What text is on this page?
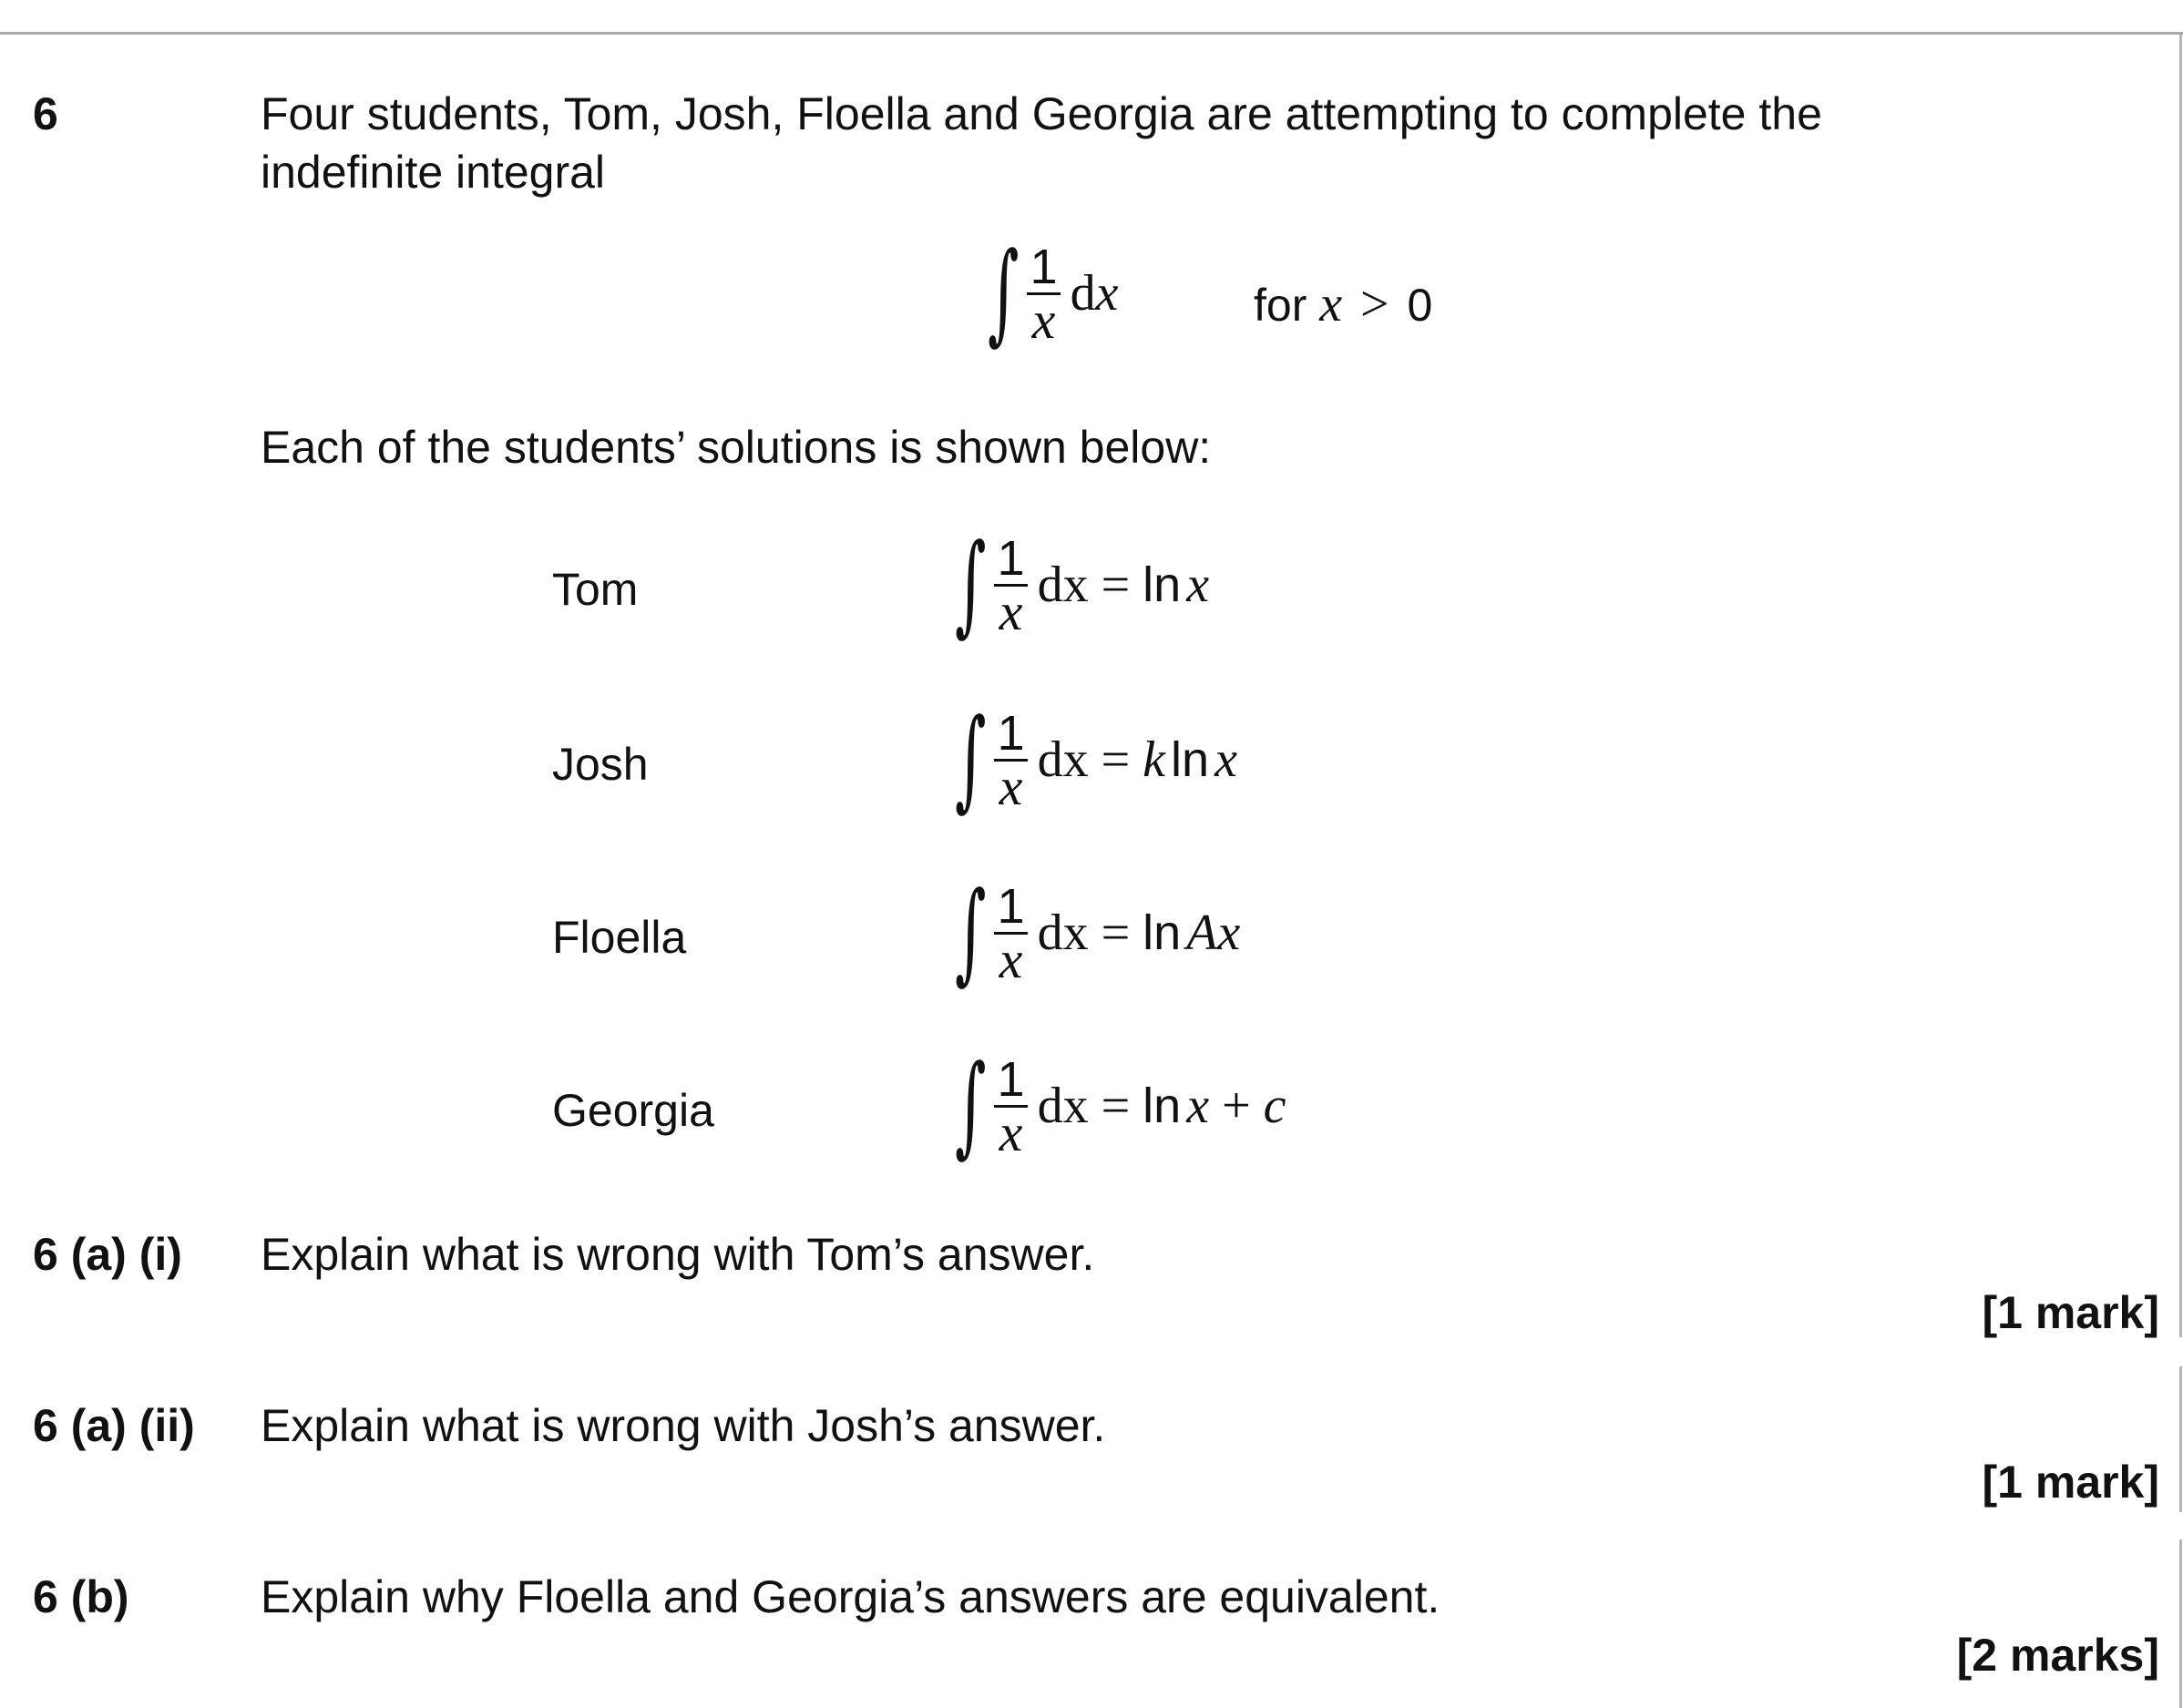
6	Four students, Tom, Josh, Floella and Georgia are attempting to complete the
indefinite integral
∫ $\frac{1}{x}$ d x	for x > 0
Each of the students’ solutions is shown below:
Tom	∫ $\frac{1}{x}$ dx = ln x
Josh	∫ $\frac{1}{x}$ dx = k ln x
Floella ∫ $\frac{1}{x}$ dx = ln Ax
Georgia ∫ $\frac{1}{x}$ dx = ln x + c
6 (a) (i) Explain what is wrong with Tom’s answer.
[1 mark]
6 (a) (ii) Explain what is wrong with Josh’s answer.
[1 mark]
6 (b)	Explain why Floella and Georgia’s answers are equivalent.
[2 marks]
